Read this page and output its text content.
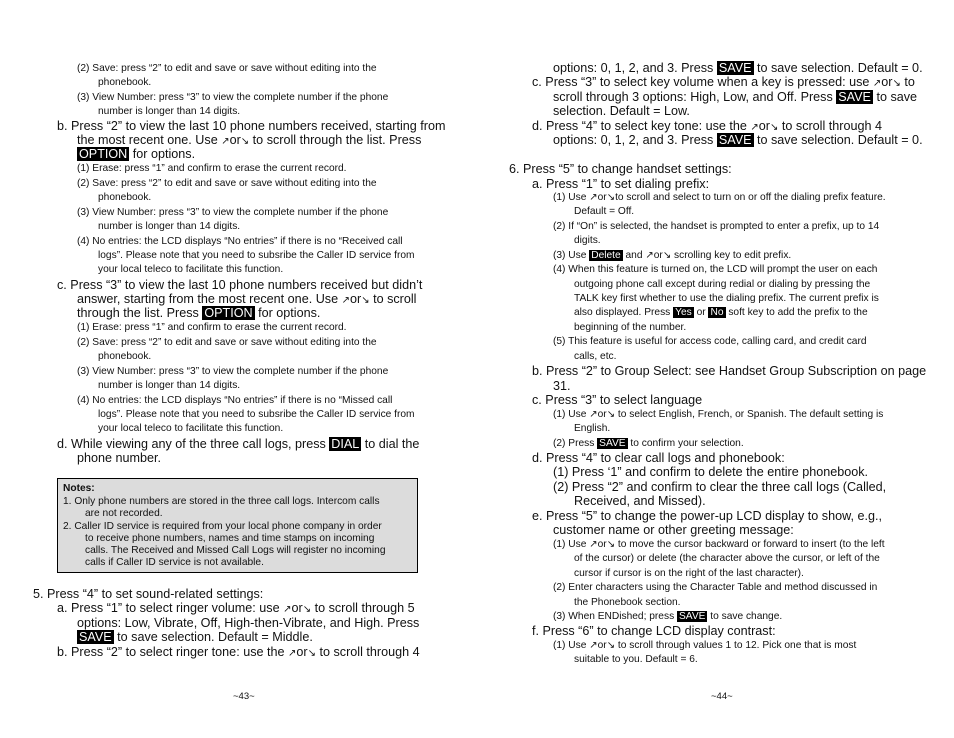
(2) Save: press “2” to edit and save or save without editing into the
phonebook.
(3) View Number: press “3” to view the complete number if the phone
number is longer than 14 digits.
b. Press “2” to view the last 10 phone numbers received, starting from
the most recent one. Use ↗or↘ to scroll through the list. Press
OPTION for options.
(1) Erase: press “1” and confirm to erase the current record.
(2) Save: press “2” to edit and save or save without editing into the
phonebook.
(3) View Number: press “3” to view the complete number if the phone
number is longer than 14 digits.
(4) No entries: the LCD displays “No entries” if there is no “Received call
logs”. Please note that you need to subsribe the Caller ID service from
your local teleco to facilitate this function.
c. Press “3” to view the last 10 phone numbers received but didn’t
answer, starting from the most recent one. Use ↗or↘ to scroll
through the list. Press OPTION for options.
(1) Erase: press “1” and confirm to erase the current record.
(2) Save: press “2” to edit and save or save without editing into the
phonebook.
(3) View Number: press “3” to view the complete number if the phone
number is longer than 14 digits.
(4) No entries: the LCD displays “No entries” if there is no “Missed call
logs”. Please note that you need to subsribe the Caller ID service from
your local teleco to facilitate this function.
d. While viewing any of the three call logs, press DIAL to dial the
phone number.
Notes:
1. Only phone numbers are stored in the three call logs. Intercom calls
are not recorded.
2. Caller ID service is required from your local phone company in order
to receive phone numbers, names and time stamps on incoming
calls. The Received and Missed Call Logs will register no incoming
calls if Caller ID service is not available.
5. Press “4” to set sound-related settings:
a. Press “1” to select ringer volume: use ↗or↘ to scroll through 5
options: Low, Vibrate, Off, High-then-Vibrate, and High. Press
SAVE to save selection. Default = Middle.
b. Press “2” to select ringer tone: use the ↗or↘ to scroll through 4
~43~
options: 0, 1, 2, and 3. Press SAVE to save selection. Default = 0.
c. Press “3” to select key volume when a key is pressed: use ↗or↘ to
scroll through 3 options: High, Low, and Off. Press SAVE to save
selection. Default = Low.
d. Press “4” to select key tone: use the ↗or↘ to scroll through 4
options: 0, 1, 2, and 3. Press SAVE to save selection. Default = 0.
6. Press “5” to change handset settings:
a. Press “1” to set dialing prefix:
(1) Use ↗or↘to scroll and select to turn on or off the dialing prefix feature.
Default = Off.
(2) If “On” is selected, the handset is prompted to enter a prefix, up to 14
digits.
(3) Use Delete and ↗or↘ scrolling key to edit prefix.
(4) When this feature is turned on, the LCD will prompt the user on each
outgoing phone call except during redial or dialing by pressing the
TALK key first whether to use the dialing prefix. The current prefix is
also displayed. Press Yes or No soft key to add the prefix to the
beginning of the number.
(5) This feature is useful for access code, calling card, and credit card
calls, etc.
b. Press “2” to Group Select: see Handset Group Subscription on page
31.
c. Press “3” to select language
(1) Use ↗or↘ to select English, French, or Spanish. The default setting is
English.
(2) Press SAVE to confirm your selection.
d. Press “4” to clear call logs and phonebook:
(1) Press ‘1” and confirm to delete the entire phonebook.
(2) Press “2” and confirm to clear the three call logs (Called,
Received, and Missed).
e. Press “5” to change the power-up LCD display to show, e.g.,
customer name or other greeting message:
(1) Use ↗or↘ to move the cursor backward or forward to insert (to the left
of the cursor) or delete (the character above the cursor, or left of the
cursor if cursor is on the right of the last character).
(2) Enter characters using the Character Table and method discussed in
the Phonebook section.
(3) When ENDished; press SAVE to save change.
f. Press “6” to change LCD display contrast:
(1) Use ↗or↘ to scroll through values 1 to 12. Pick one that is most
suitable to you. Default = 6.
~44~
